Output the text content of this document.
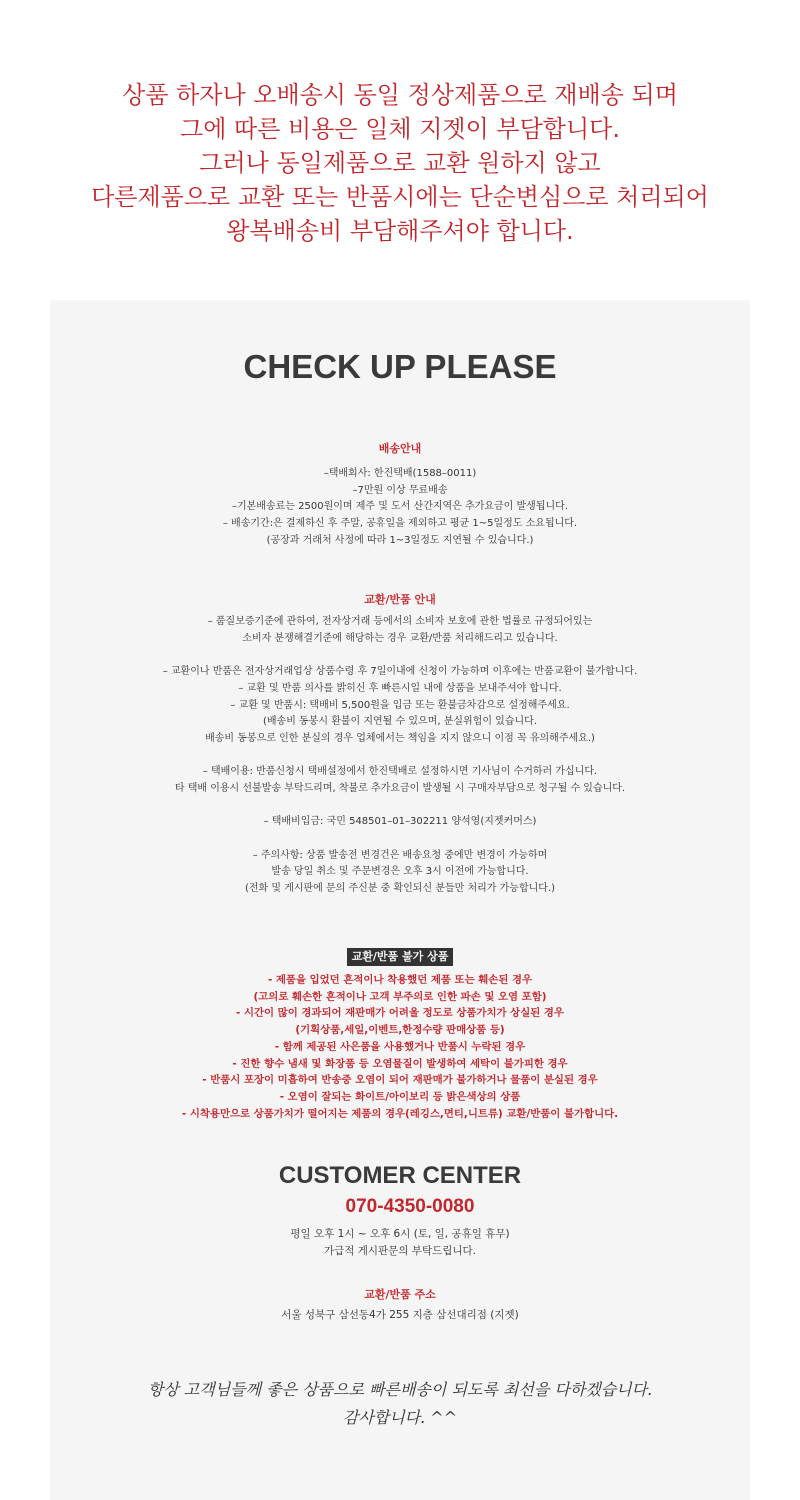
상품 하자나 오배송시 동일 정상제품으로 재배송 되며
그에 따른 비용은 일체 지젯이 부담합니다.
그러나 동일제품으로 교환 원하지 않고
다른제품으로 교환 또는 반품시에는 단순변심으로 처리되어
왕복배송비 부담해주셔야 합니다.
CHECK UP PLEASE
배송안내
–택배회사: 한진택배(1588–0011)
–7만원 이상 무료배송
–기본배송료는 2500원이며 제주 및 도서 산간지역은 추가요금이 발생됩니다.
– 배송기간:은 결제하신 후 주말, 공휴일을 제외하고 평균 1~5일정도 소요됩니다.
(공장과 거래처 사정에 따라 1~3일정도 지연될 수 있습니다.)
교환/반품 안내
– 품질보증기준에 관하여, 전자상거래 등에서의 소비자 보호에 관한 법률로 규정되어있는
소비자 분쟁해결기준에 해당하는 경우 교환/반품 처리해드리고 있습니다.
– 교환이나 반품은 전자상거래업상 상품수령 후 7일이내에 신청이 가능하며 이후에는 반품교환이 불가합니다.
– 교환 및 반품 의사를 밝히신 후 빠른시일 내에 상품을 보내주셔야 합니다.
– 교환 및 반품시: 택배비 5,500원을 입금 또는 환불금차감으로 설정해주세요.
(배송비 동봉시 환불이 지연될 수 있으며, 분실위험이 있습니다.
배송비 동봉으로 인한 분실의 경우 업체에서는 책임을 지지 않으니 이점 꼭 유의해주세요.)
– 택배이용: 반품신청시 택배설정에서 한진택배로 설정하시면 기사님이 수거하러 가십니다.
타 택배 이용시 선불발송 부탁드리며, 착불로 추가요금이 발생될 시 구매자부담으로 청구될 수 있습니다.
– 택배비입금: 국민 548501–01–302211 양석영(지젯커머스)
– 주의사항: 상품 발송전 변경건은 배송요청 중에만 변경이 가능하며
발송 당일 취소 및 주문변경은 오후 3시 이전에 가능합니다.
(전화 및 게시판에 문의 주신분 중 확인되신 분들만 처리가 가능합니다.)
교환/반품 불가 상품
- 제품을 입었던 흔적이나 착용했던 제품 또는 훼손된 경우
(고의로 훼손한 흔적이나 고객 부주의로 인한 파손 및 오염 포함)
- 시간이 많이 경과되어 재판매가 어려울 정도로 상품가치가 상실된 경우
(기획상품,세일,이벤트,한정수량 판매상품 등)
- 함께 제공된 사은품을 사용했거나 반품시 누락된 경우
- 진한 향수 냄새 및 화장품 등 오염물질이 발생하여 세탁이 불가피한 경우
- 반품시 포장이 미흡하여 반송중 오염이 되어 재판매가 불가하거나 물품이 분실된 경우
- 오염이 잘되는 화이트/아이보리 등 밝은색상의 상품
- 시착용만으로 상품가치가 떨어지는 제품의 경우(레깅스,면티,니트류) 교환/반품이 불가합니다.
CUSTOMER CENTER
070-4350-0080
평일 오후 1시 ~ 오후 6시 (토, 일, 공휴일 휴무)
가급적 게시판문의 부탁드립니다.
교환/반품 주소
서울 성북구 삼선동4가 255 지층 삼선대리점 (지젯)
항상 고객님들께 좋은 상품으로 빠른배송이 되도록 최선을 다하겠습니다.
감사합니다. ^^
